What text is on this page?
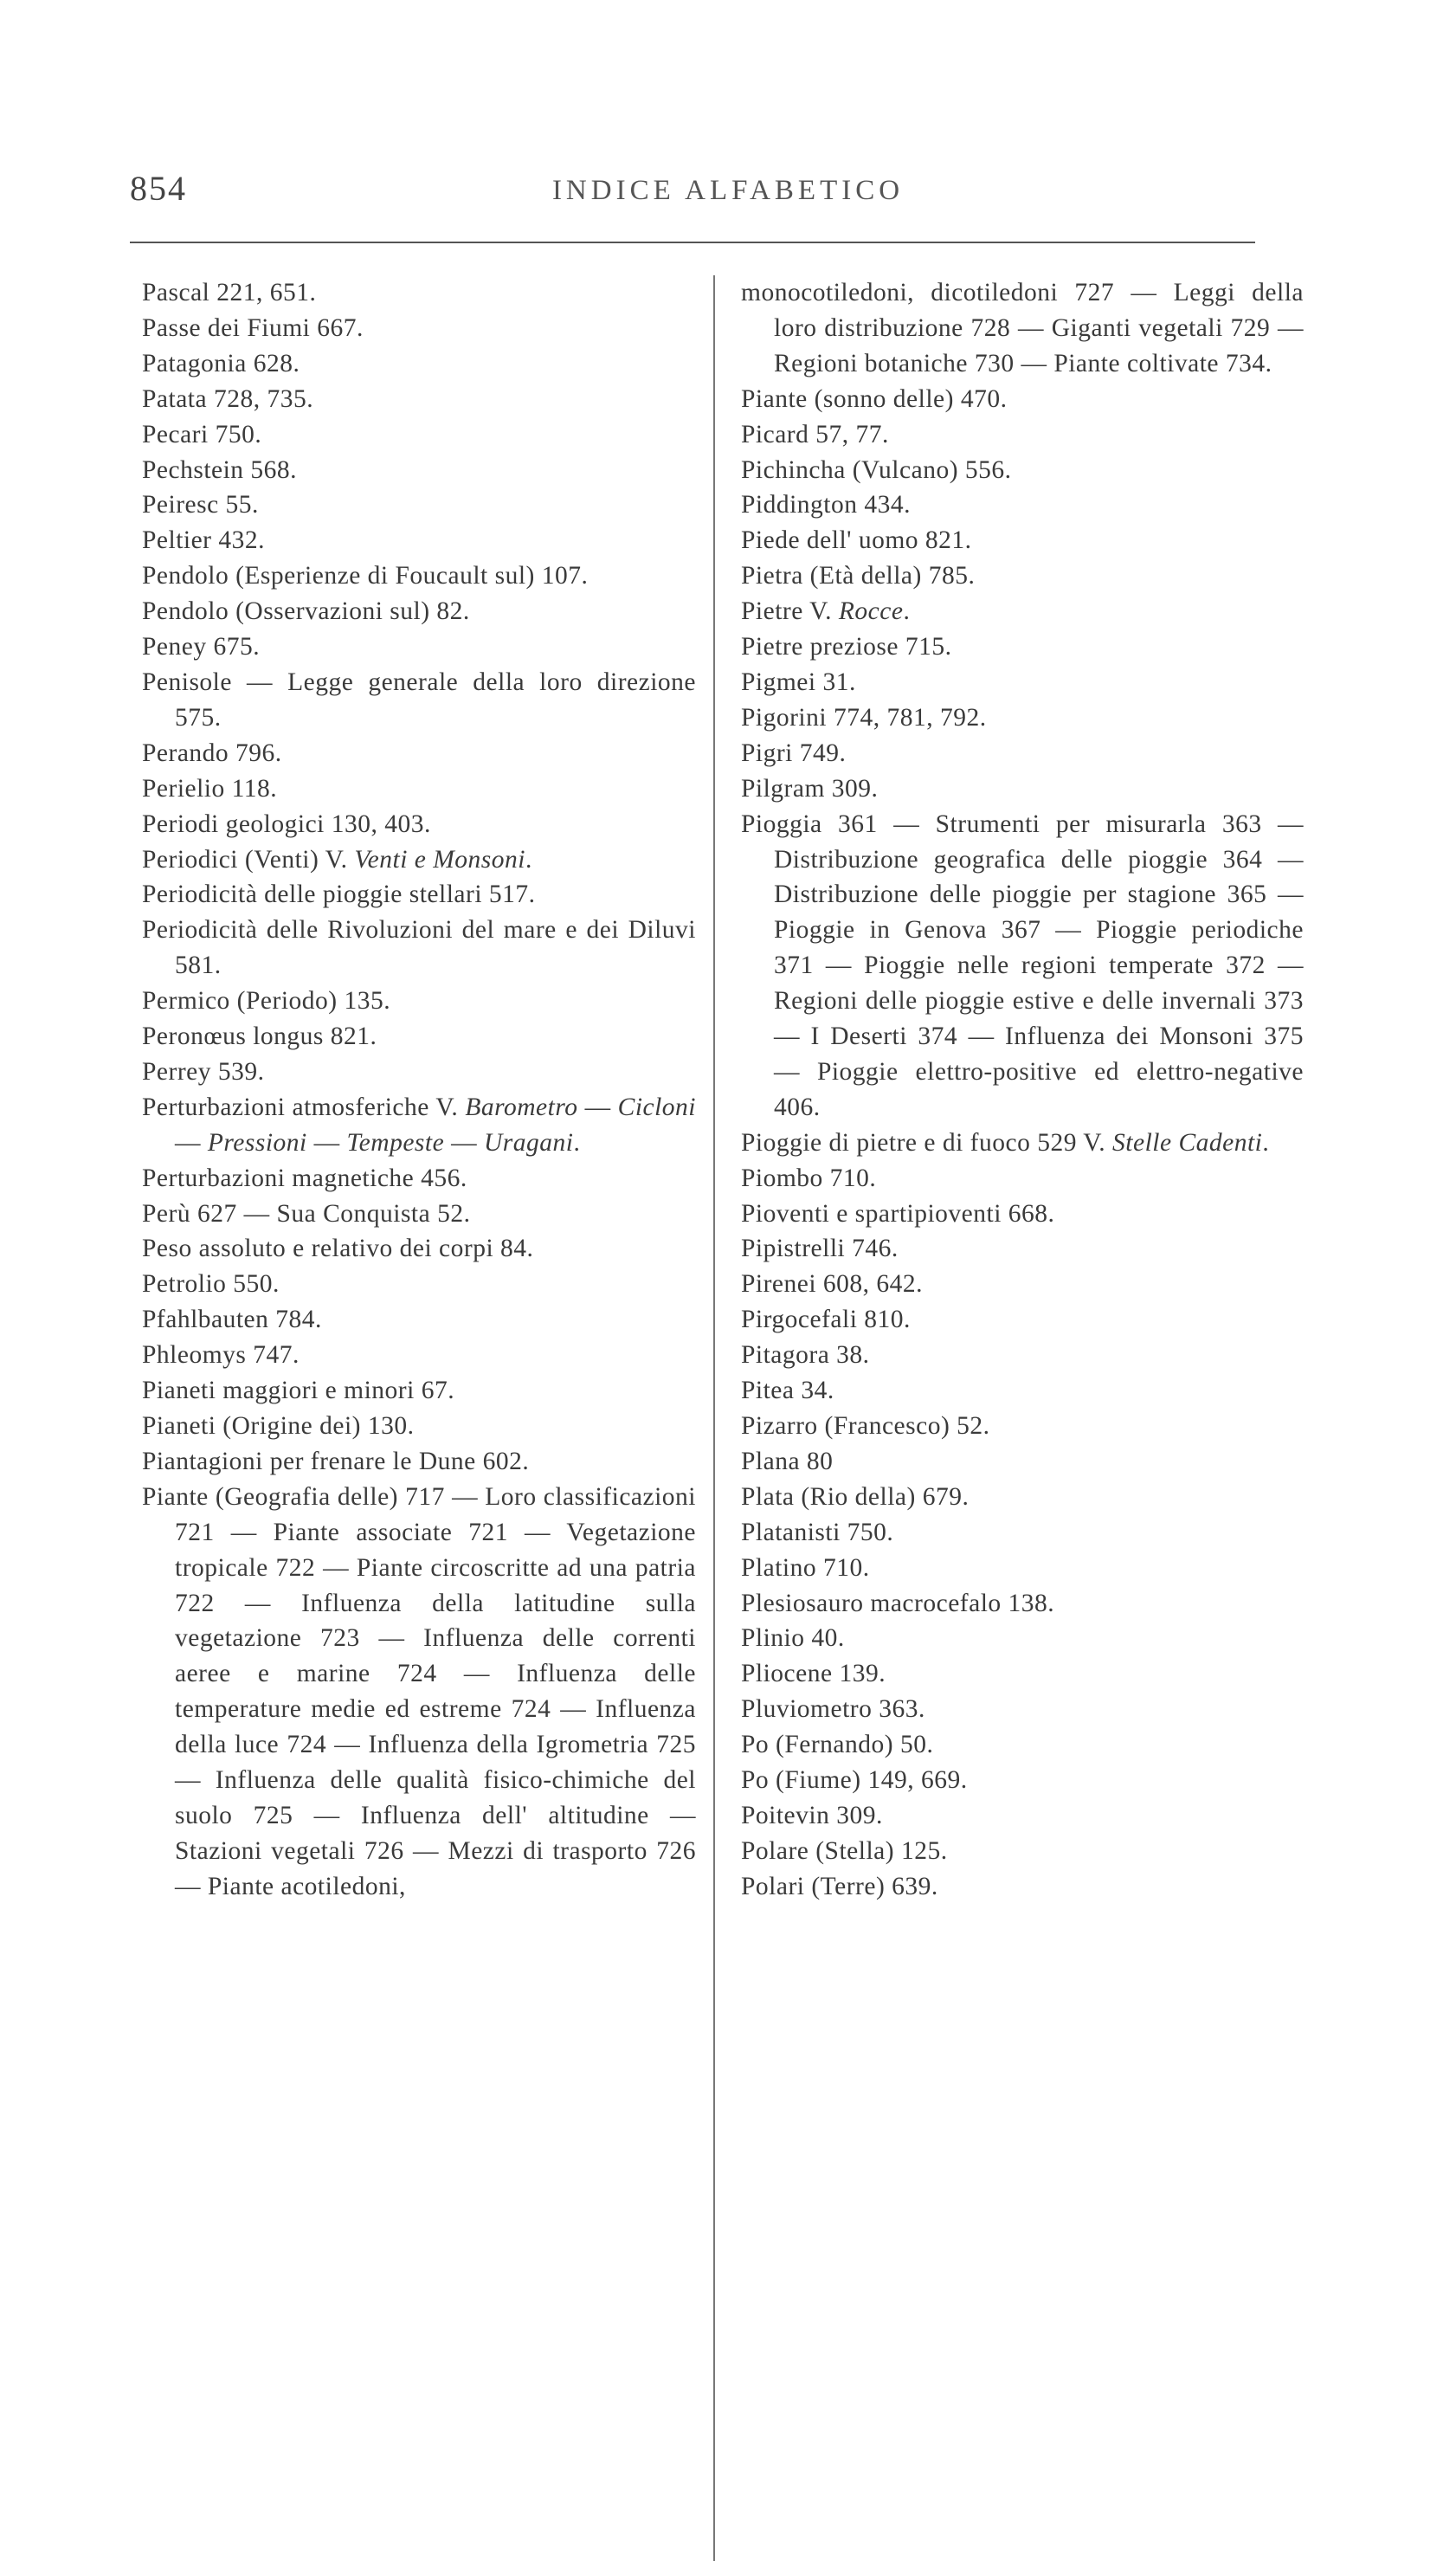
854	INDICE ALFABETICO
Pascal 221, 651.
Passe dei Fiumi 667.
Patagonia 628.
Patata 728, 735.
Pecari 750.
Pechstein 568.
Peiresc 55.
Peltier 432.
Pendolo (Esperienze di Foucault sul) 107.
Pendolo (Osservazioni sul) 82.
Peney 675.
Penisole — Legge generale della loro direzione 575.
Perando 796.
Perielio 118.
Periodi geologici 130, 403.
Periodici (Venti) V. Venti e Monsoni.
Periodicità delle pioggie stellari 517.
Periodicità delle Rivoluzioni del mare e dei Diluvi 581.
Permico (Periodo) 135.
Peronœus longus 821.
Perrey 539.
Perturbazioni atmosferiche V. Barometro — Cicloni — Pressioni — Tempeste — Uragani.
Perturbazioni magnetiche 456.
Perù 627 — Sua Conquista 52.
Peso assoluto e relativo dei corpi 84.
Petrolio 550.
Pfahlbauten 784.
Phleomys 747.
Pianeti maggiori e minori 67.
Pianeti (Origine dei) 130.
Piantagioni per frenare le Dune 602.
Piante (Geografia delle) 717 — Loro classificazioni 721 — Piante associate 721 — Vegetazione tropicale 722 — Piante circoscritte ad una patria 722 — Influenza della latitudine sulla vegetazione 723 — Influenza delle correnti aeree e marine 724 — Influenza delle temperature medie ed estreme 724 — Influenza della luce 724 — Influenza della Igrometria 725 — Influenza delle qualità fisico-chimiche del suolo 725 — Influenza dell' altitudine — Stazioni vegetali 726 — Mezzi di trasporto 726 — Piante acotiledoni,
monocotiledoni, dicotiledoni 727 — Leggi della loro distribuzione 728 — Giganti vegetali 729 — Regioni botaniche 730 — Piante coltivate 734.
Piante (sonno delle) 470.
Picard 57, 77.
Pichincha (Vulcano) 556.
Piddington 434.
Piede dell' uomo 821.
Pietra (Età della) 785.
Pietre V. Rocce.
Pietre preziose 715.
Pigmei 31.
Pigorini 774, 781, 792.
Pigri 749.
Pilgram 309.
Pioggia 361 — Strumenti per misurarla 363 — Distribuzione geografica delle pioggie 364 — Distribuzione delle pioggie per stagione 365 — Pioggie in Genova 367 — Pioggie periodiche 371 — Pioggie nelle regioni temperate 372 — Regioni delle pioggie estive e delle invernali 373 — I Deserti 374 — Influenza dei Monsoni 375 — Pioggie elettro-positive ed elettro-negative 406.
Pioggie di pietre e di fuoco 529 V. Stelle Cadenti.
Piombo 710.
Pioventi e spartipioventi 668.
Pipistrelli 746.
Pirenei 608, 642.
Pirgocefali 810.
Pitagora 38.
Pitea 34.
Pizarro (Francesco) 52.
Plana 80
Plata (Rio della) 679.
Platanisti 750.
Platino 710.
Plesiosauro macrocefalo 138.
Plinio 40.
Pliocene 139.
Pluviometro 363.
Po (Fernando) 50.
Po (Fiume) 149, 669.
Poitevin 309.
Polare (Stella) 125.
Polari (Terre) 639.
